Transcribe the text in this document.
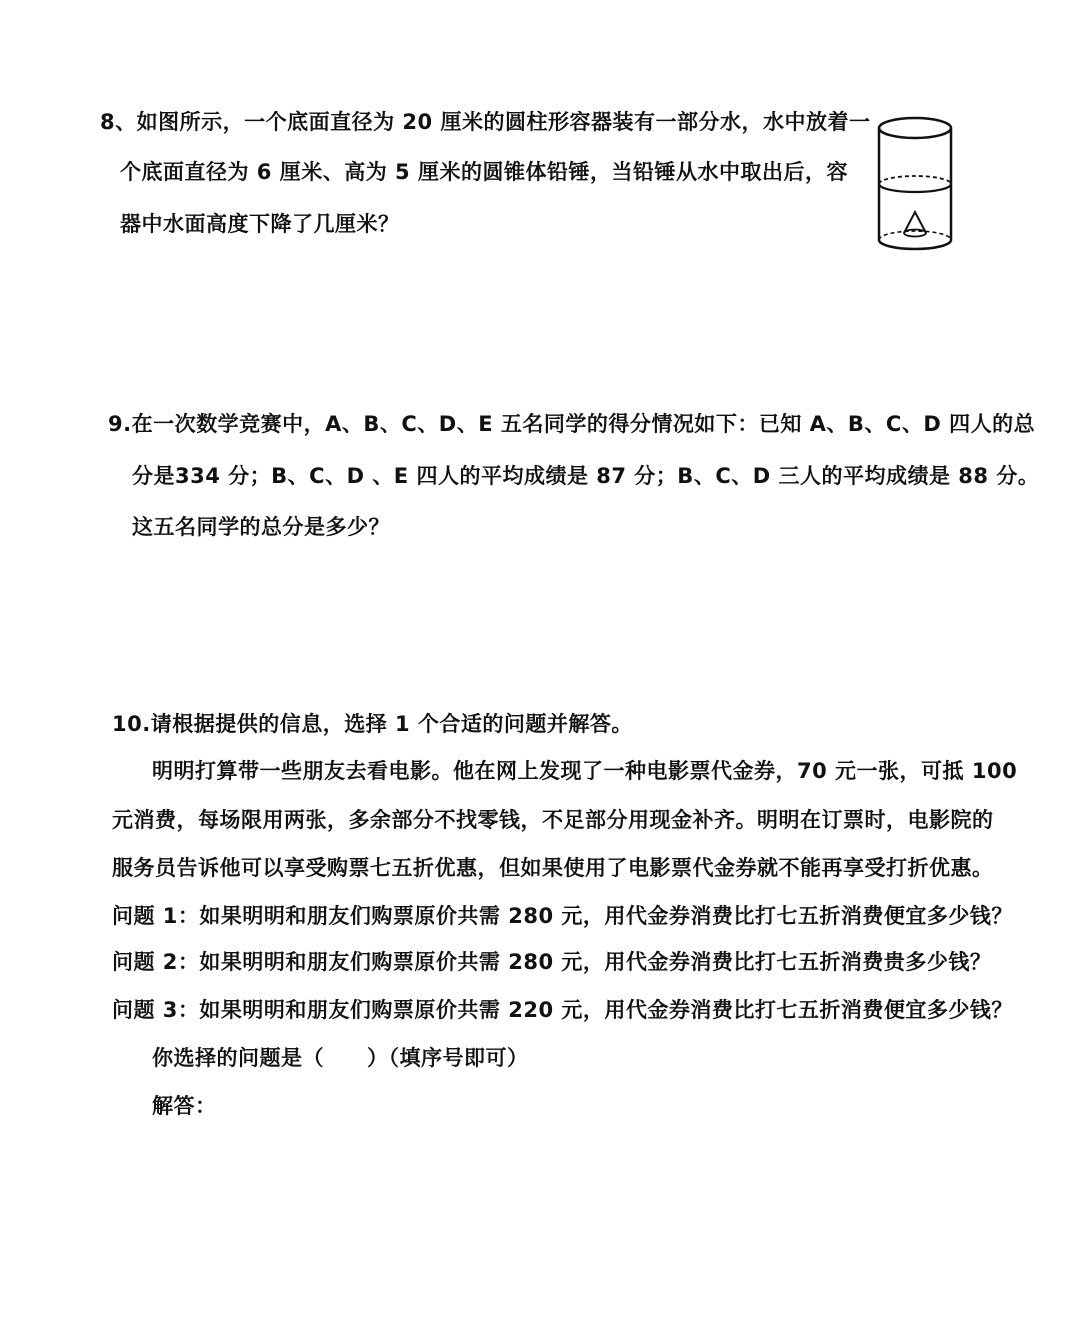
8、如图所示，一个底面直径为 20 厘米的圆柱形容器装有一部分水，水中放着一
个底面直径为 6 厘米、高为 5 厘米的圆锥体铅锤，当铅锤从水中取出后，容
器中水面高度下降了几厘米？
9.在一次数学竞赛中，A、B、C、D、E 五名同学的得分情况如下：已知 A、B、C、D 四人的总
分是334 分；B、C、D 、E 四人的平均成绩是 87 分；B、C、D 三人的平均成绩是 88 分。
这五名同学的总分是多少？
10.请根据提供的信息，选择 1 个合适的问题并解答。
明明打算带一些朋友去看电影。他在网上发现了一种电影票代金券，70 元一张，可抵 100
元消费，每场限用两张，多余部分不找零钱，不足部分用现金补齐。明明在订票时，电影院的
服务员告诉他可以享受购票七五折优惠，但如果使用了电影票代金券就不能再享受打折优惠。
问题 1：如果明明和朋友们购票原价共需 280 元，用代金券消费比打七五折消费便宜多少钱？
问题 2：如果明明和朋友们购票原价共需 280 元，用代金券消费比打七五折消费贵多少钱？
问题 3：如果明明和朋友们购票原价共需 220 元，用代金券消费比打七五折消费便宜多少钱？
你选择的问题是（　　）（填序号即可）
解答：
